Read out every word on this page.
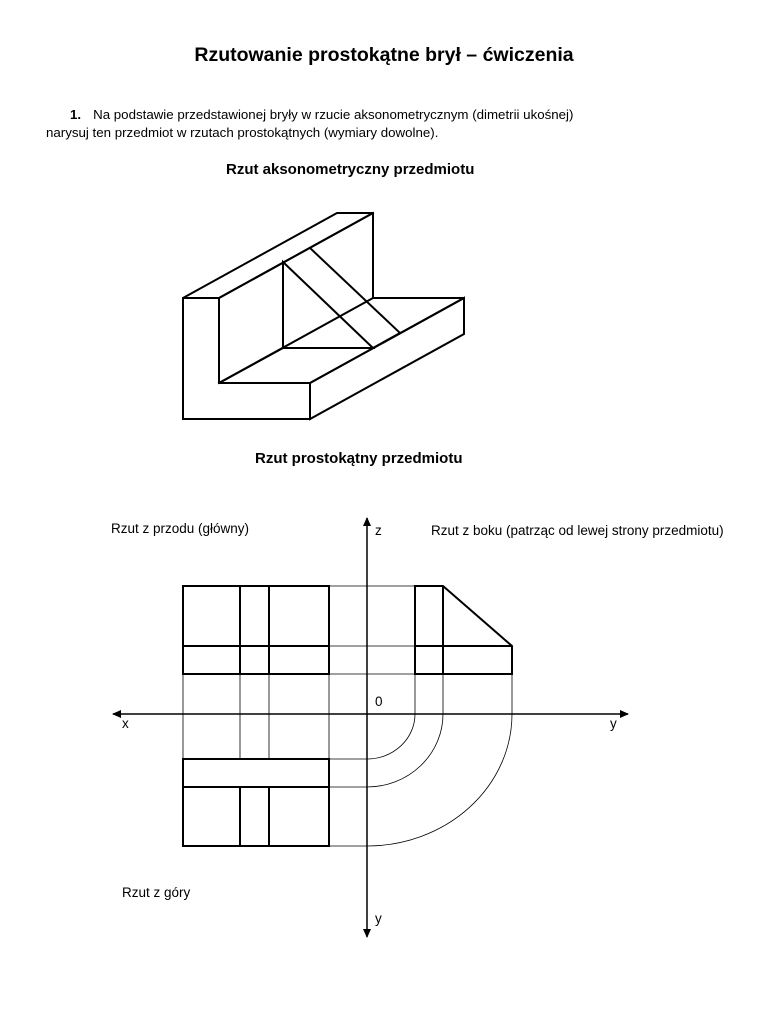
Rzutowanie prostokątne brył – ćwiczenia
1. Na podstawie przedstawionej bryły w rzucie aksonometrycznym (dimetrii ukośnej)
narysuj ten przedmiot w rzutach prostokątnych (wymiary dowolne).
Rzut aksonometryczny przedmiotu
Rzut prostokątny przedmiotu
Rzut z przodu (główny)	Rzut z boku (patrząc od lewej strony przedmiotu)
Rzut z góry
z
x	y
y
0
